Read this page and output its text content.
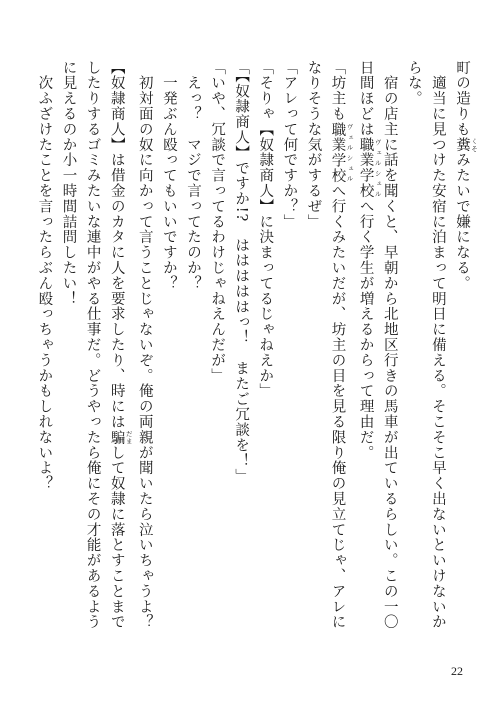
町の造りも糞 くそみたいで嫌になる。

　適当に見つけた安宿に泊まって明日に備える。そこそこ早く出ないといけないからな。

　宿の店主に話を聞くと、早朝から北地区行きの馬車が出ているらしい。この一〇日間ほどは職業学校 ヴェルシュルへ行く学生が増えるからって理由だ。

「坊主も職業学校 ヴェルシュルへ行くみたいだが、坊主の目を見る限り俺の見立てじゃ、アレになりそうな気がするぜ」

「アレって何ですか？」

「そりゃ【奴隷商人】に決まってるじゃねえか」

「【奴隷商人】ですか!?　はははははっ！　またご冗談を！」

「いや、冗談で言ってるわけじゃねえんだが」

　えっ？　マジで言ってたのか？

　一発ぶん殴ってもいいですか？

　初対面の奴に向かって言うことじゃないぞ。俺の両親が聞いたら泣いちゃうよ？

【奴隷商人】は借金のカタに人を要求したり、時には騙 だまして奴隷に落とすことまでしたりするゴミみたいな連中がやる仕事だ。どうやったら俺にその才能があるように見えるのか小一時間詰問したい！

　次ふざけたことを言ったらぶん殴っちゃうかもしれないよ？

22
